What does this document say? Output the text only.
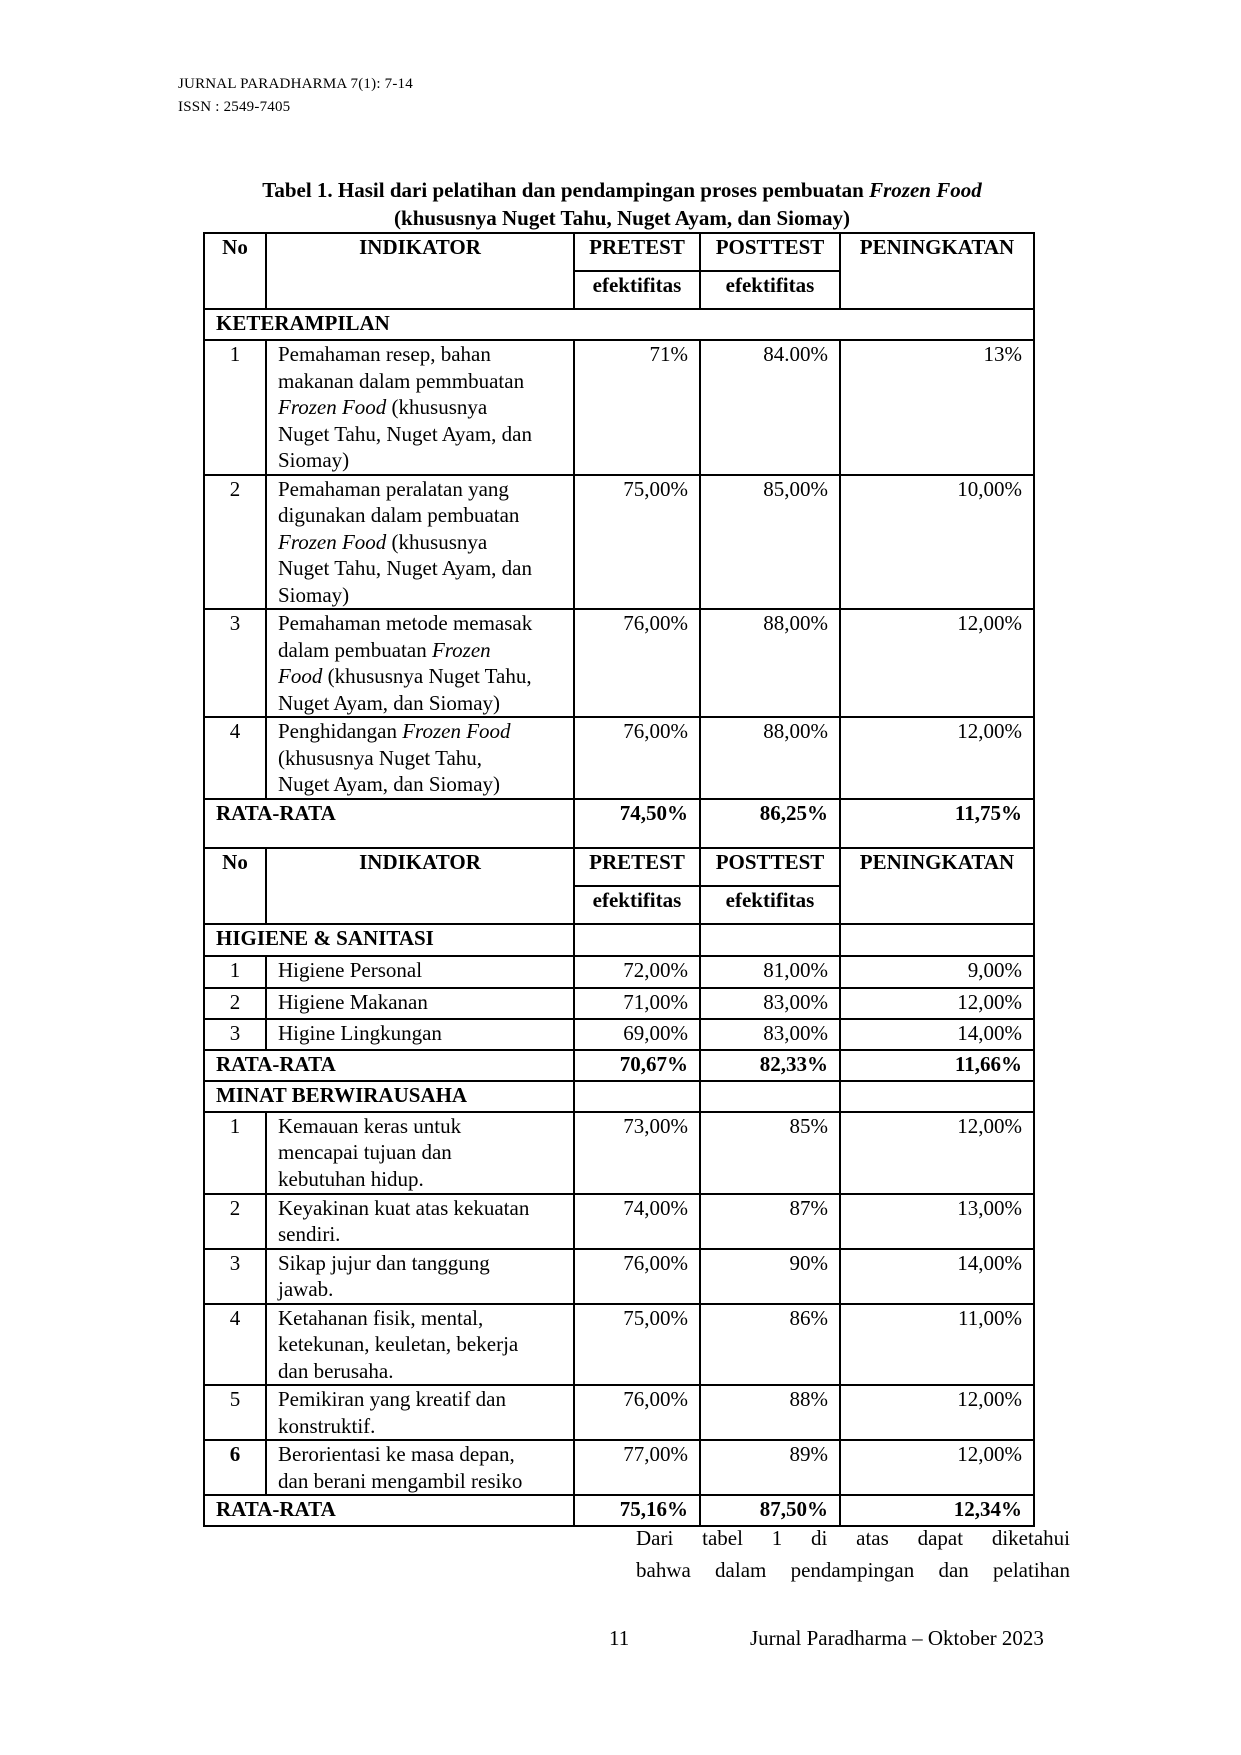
JURNAL PARADHARMA 7(1): 7-14
ISSN : 2549-7405
Tabel 1. Hasil dari pelatihan dan pendampingan proses pembuatan Frozen Food
(khususnya Nuget Tahu, Nuget Ayam, dan Siomay)
No	INDIKATOR	PRETEST	POSTTEST	PENINGKATAN
		efektifitas	efektifitas	
KETERAMPILAN				
1	Pemahaman resep, bahan
makanan dalam pemmbuatan
Frozen Food (khususnya
Nuget Tahu, Nuget Ayam, dan
Siomay)	71%	84.00%	13%
2	Pemahaman peralatan yang
digunakan dalam pembuatan
Frozen Food (khususnya
Nuget Tahu, Nuget Ayam, dan
Siomay)	75,00%	85,00%	10,00%
3	Pemahaman metode memasak
dalam pembuatan Frozen
Food (khususnya Nuget Tahu,
Nuget Ayam, dan Siomay)	76,00%	88,00%	12,00%
4	Penghidangan Frozen Food
(khususnya Nuget Tahu,
Nuget Ayam, dan Siomay)	76,00%	88,00%	12,00%
RATA-RATA		74,50%	86,25%	11,75%
No	INDIKATOR	PRETEST	POSTTEST	PENINGKATAN
		efektifitas	efektifitas	
HIGIENE & SANITASI				
1	Higiene Personal	72,00%	81,00%	9,00%
2	Higiene Makanan	71,00%	83,00%	12,00%
3	Higine Lingkungan	69,00%	83,00%	14,00%
RATA-RATA		70,67%	82,33%	11,66%
MINAT BERWIRAUSAHA				
1	Kemauan keras untuk
mencapai tujuan dan
kebutuhan hidup.	73,00%	85%	12,00%
2	Keyakinan kuat atas kekuatan
sendiri.	74,00%	87%	13,00%
3	Sikap jujur dan tanggung
jawab.	76,00%	90%	14,00%
4	Ketahanan fisik, mental,
ketekunan, keuletan, bekerja
dan berusaha.	75,00%	86%	11,00%
5	Pemikiran yang kreatif dan
konstruktif.	76,00%	88%	12,00%
6	Berorientasi ke masa depan,
dan berani mengambil resiko	77,00%	89%	12,00%
RATA-RATA		75,16%	87,50%	12,34%
Dari tabel 1 di atas dapat diketahui
bahwa dalam pendampingan dan pelatihan
11	Jurnal Paradharma – Oktober 2023
